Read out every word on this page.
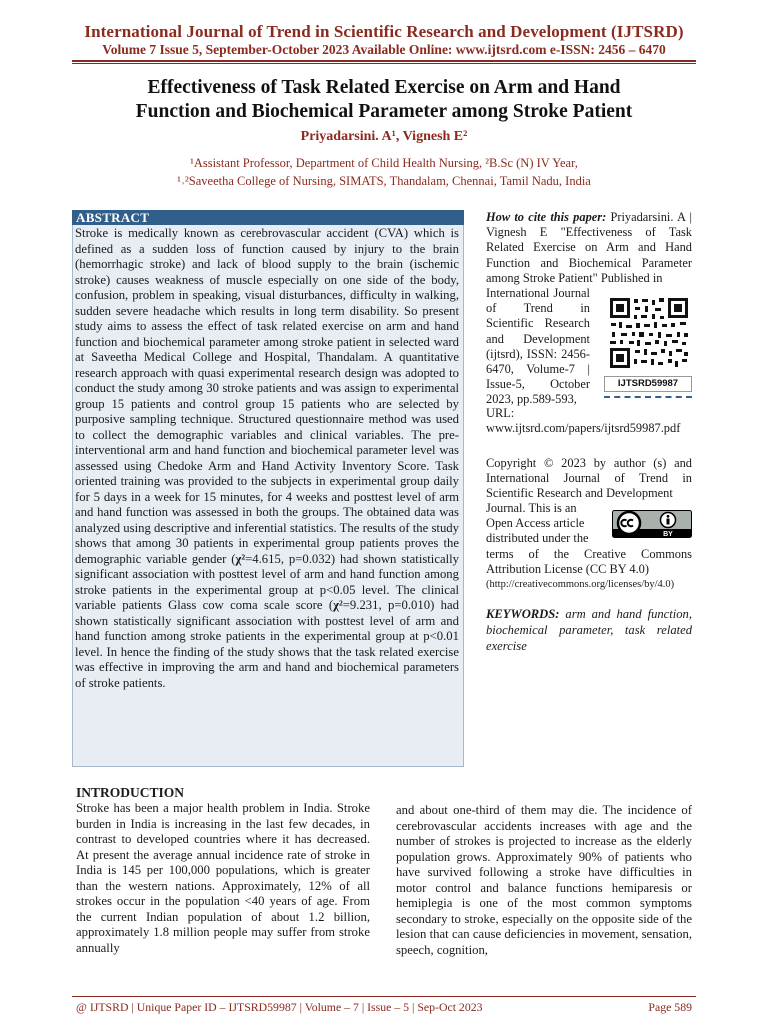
International Journal of Trend in Scientific Research and Development (IJTSRD)
Volume 7 Issue 5, September-October 2023 Available Online: www.ijtsrd.com e-ISSN: 2456 – 6470
Effectiveness of Task Related Exercise on Arm and Hand
Function and Biochemical Parameter among Stroke Patient
Priyadarsini. A¹, Vignesh E²
¹Assistant Professor, Department of Child Health Nursing, ²B.Sc (N) IV Year,
¹˒²Saveetha College of Nursing, SIMATS, Thandalam, Chennai, Tamil Nadu, India
ABSTRACT
Stroke is medically known as cerebrovascular accident (CVA) which is defined as a sudden loss of function caused by injury to the brain (hemorrhagic stroke) and lack of blood supply to the brain (ischemic stroke) causes weakness of muscle especially on one side of the body, confusion, problem in speaking, visual disturbances, difficulty in walking, sudden severe headache which results in long term disability. So present study aims to assess the effect of task related exercise on arm and hand function and biochemical parameter among stroke patient in selected ward at Saveetha Medical College and Hospital, Thandalam. A quantitative research approach with quasi experimental research design was adopted to conduct the study among 30 stroke patients and was assign to experimental group 15 patients and control group 15 patients who are selected by purposive sampling technique. Structured questionnaire method was used to collect the demographic variables and clinical variables. The pre-interventional arm and hand function and biochemical parameter level was assessed using Chedoke Arm and Hand Activity Inventory Score. Task oriented training was provided to the subjects in experimental group daily for 5 days in a week for 15 minutes, for 4 weeks and posttest level of arm and hand function was assessed in both the groups. The obtained data was analyzed using descriptive and inferential statistics. The results of the study shows that among 30 patients in experimental group patients proves the demographic variable gender (χ²=4.615, p=0.032) had shown statistically significant association with posttest level of arm and hand function among stroke patients in the experimental group at p<0.05 level. The clinical variable patients Glass cow coma scale score (χ²=9.231, p=0.010) had shown statistically significant association with posttest level of arm and hand function among stroke patients in the experimental group at p<0.01 level. In hence the finding of the study shows that the task related exercise was effective in improving the arm and hand and biochemical parameters of stroke patients.
How to cite this paper: Priyadarsini. A | Vignesh E "Effectiveness of Task Related Exercise on Arm and Hand Function and Biochemical Parameter among Stroke Patient" Published in
International Journal of Trend in Scientific Research and Development (ijtsrd), ISSN: 2456-6470, Volume-7 | Issue-5, October 2023, pp.589-593,
IJTSRD59987
URL: www.ijtsrd.com/papers/ijtsrd59987.pdf
Copyright © 2023 by author (s) and International Journal of Trend in Scientific Research and Development
Journal. This is an Open Access article distributed under the	BY
terms of the Creative Commons Attribution License (CC BY 4.0)
(http://creativecommons.org/licenses/by/4.0)
KEYWORDS: arm and hand function, biochemical parameter, task related exercise
INTRODUCTION
Stroke has been a major health problem in India. Stroke burden in India is increasing in the last few decades, in contrast to developed countries where it has decreased. At present the average annual incidence rate of stroke in India is 145 per 100,000 populations, which is greater than the western nations. Approximately, 12% of all strokes occur in the population <40 years of age. From the current Indian population of about 1.2 billion, approximately 1.8 million people may suffer from stroke annually
and about one-third of them may die. The incidence of cerebrovascular accidents increases with age and the number of strokes is projected to increase as the elderly population grows. Approximately 90% of patients who have survived following a stroke have difficulties in motor control and balance functions hemiparesis or hemiplegia is one of the most common symptoms secondary to stroke, especially on the opposite side of the lesion that can cause deficiencies in movement, sensation, speech, cognition,
@ IJTSRD | Unique Paper ID – IJTSRD59987 | Volume – 7 | Issue – 5 | Sep-Oct 2023	Page 589
